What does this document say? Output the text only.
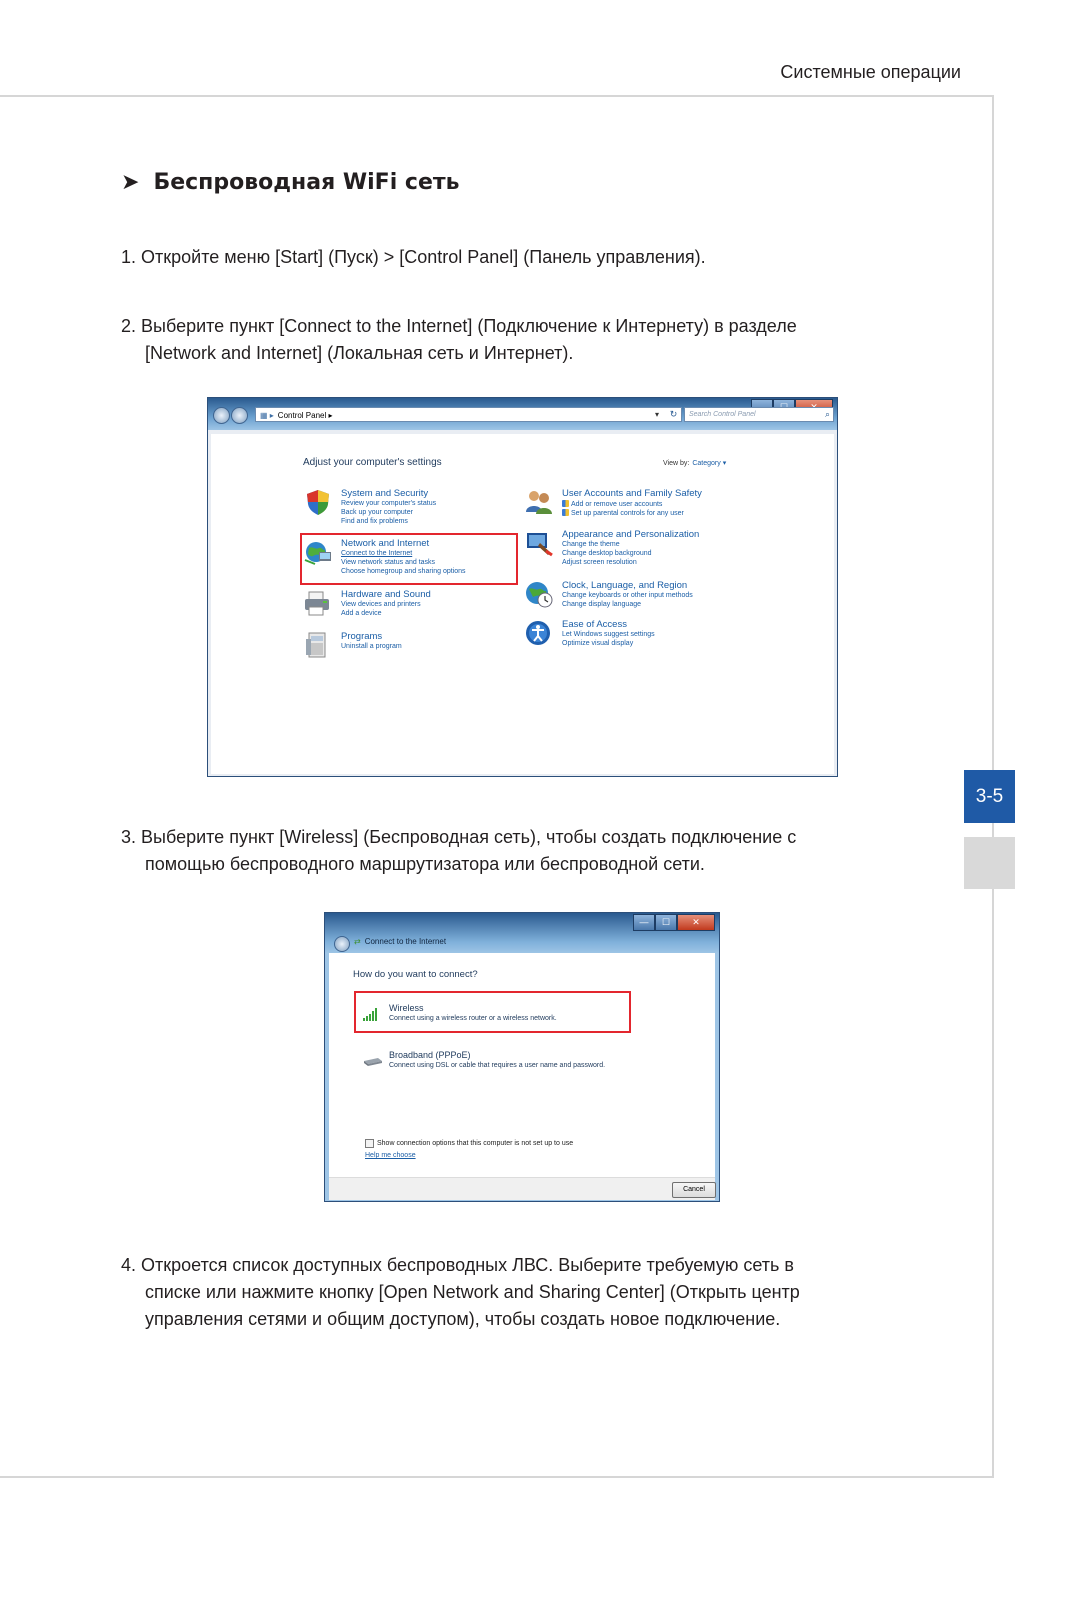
Системные операции
3-5
➤ Беспроводная WiFi сеть
1. Откройте меню [Start] (Пуск) > [Control Panel] (Панель управления).
2. Выберите пункт [Connect to the Internet] (Подключение к Интернету) в разделе
[Network and Internet] (Локальная сеть и Интернет).
▦ ▸ Control Panel ▸	▾	↻	Search Control Panel	⌕
Adjust your computer's settings	View by: Category ▾
System and Security
Review your computer's status
Back up your computer
Find and fix problems
Network and Internet
Connect to the Internet
View network status and tasks
Choose homegroup and sharing options
Hardware and Sound
View devices and printers
Add a device
Programs
Uninstall a program
User Accounts and Family Safety
Add or remove user accounts
Set up parental controls for any user
Appearance and Personalization
Change the theme
Change desktop background
Adjust screen resolution
Clock, Language, and Region
Change keyboards or other input methods
Change display language
Ease of Access
Let Windows suggest settings
Optimize visual display
3. Выберите пункт [Wireless] (Беспроводная сеть), чтобы создать подключение с
помощью беспроводного маршрутизатора или беспроводной сети.
—	☐	✕
⇄ Connect to the Internet
How do you want to connect?
Wireless
Connect using a wireless router or a wireless network.
Broadband (PPPoE)
Connect using DSL or cable that requires a user name and password.
Show connection options that this computer is not set up to use
Help me choose
Cancel
4. Откроется список доступных беспроводных ЛВС. Выберите требуемую сеть в
списке или нажмите кнопку [Open Network and Sharing Center] (Открыть центр
управления сетями и общим доступом), чтобы создать новое подключение.
